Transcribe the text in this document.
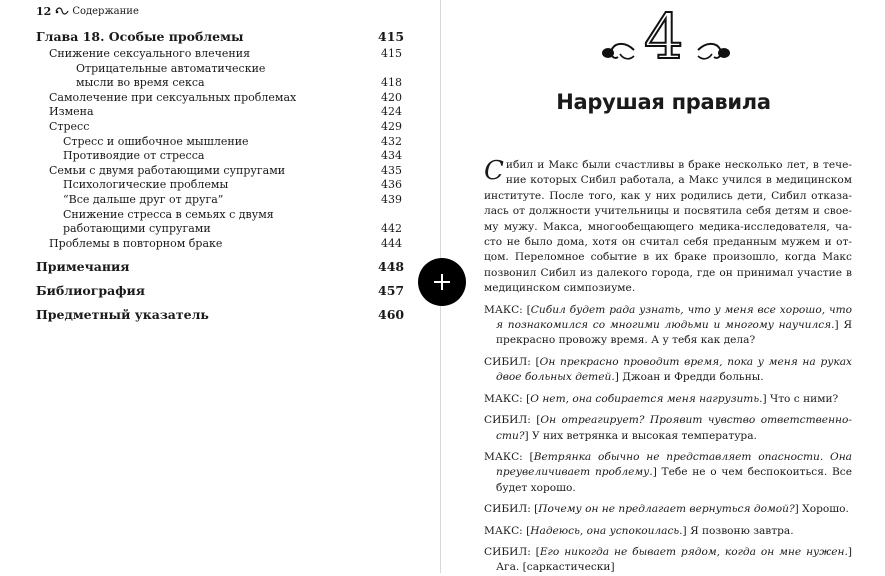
12 Содержание
Глава 18. Особые проблемы	415
Снижение сексуального влечения	415
Отрицательные автоматические
мысли во время секса	418
Самолечение при сексуальных проблемах	420
Измена	424
Стресс	429
Стресс и ошибочное мышление	432
Противоядие от стресса	434
Семьи с двумя работающими супругами	435
Психологические проблемы	436
“Все дальше друг от друга”	439
Снижение стресса в семьях с двумя
работающими супругами	442
Проблемы в повторном браке	444
Примечания	448
Библиография	457
Предметный указатель	460
4
Нарушая правила
Сибил и Макс были счастливы в браке несколько лет, в течение которых Сибил работала, а Макс учился в медицинском институте. После того, как у них родились дети, Сибил отказалась от должности учительницы и посвятила себя детям и своему мужу. Макса, многообещающего медика-исследователя, часто не было дома, хотя он считал себя преданным мужем и отцом. Переломное событие в их браке произошло, когда Макс позвонил Сибил из далекого города, где он принимал участие в медицинском симпозиуме.
МАКС: [Сибил будет рада узнать, что у меня все хорошо, что я познакомился со многими людьми и многому научился.] Я прекрасно провожу время. А у тебя как дела?
СИБИЛ: [Он прекрасно проводит время, пока у меня на руках двое больных детей.] Джоан и Фредди больны.
МАКС: [О нет, она собирается меня нагрузить.] Что с ними?
СИБИЛ: [Он отреагирует? Проявит чувство ответственности?] У них ветрянка и высокая температура.
МАКС: [Ветрянка обычно не представляет опасности. Она преувеличивает проблему.] Тебе не о чем беспокоиться. Все будет хорошо.
СИБИЛ: [Почему он не предлагает вернуться домой?] Хорошо.
МАКС: [Надеюсь, она успокоилась.] Я позвоню завтра.
СИБИЛ: [Его никогда не бывает рядом, когда он мне нужен.] Ага. [саркастически]
